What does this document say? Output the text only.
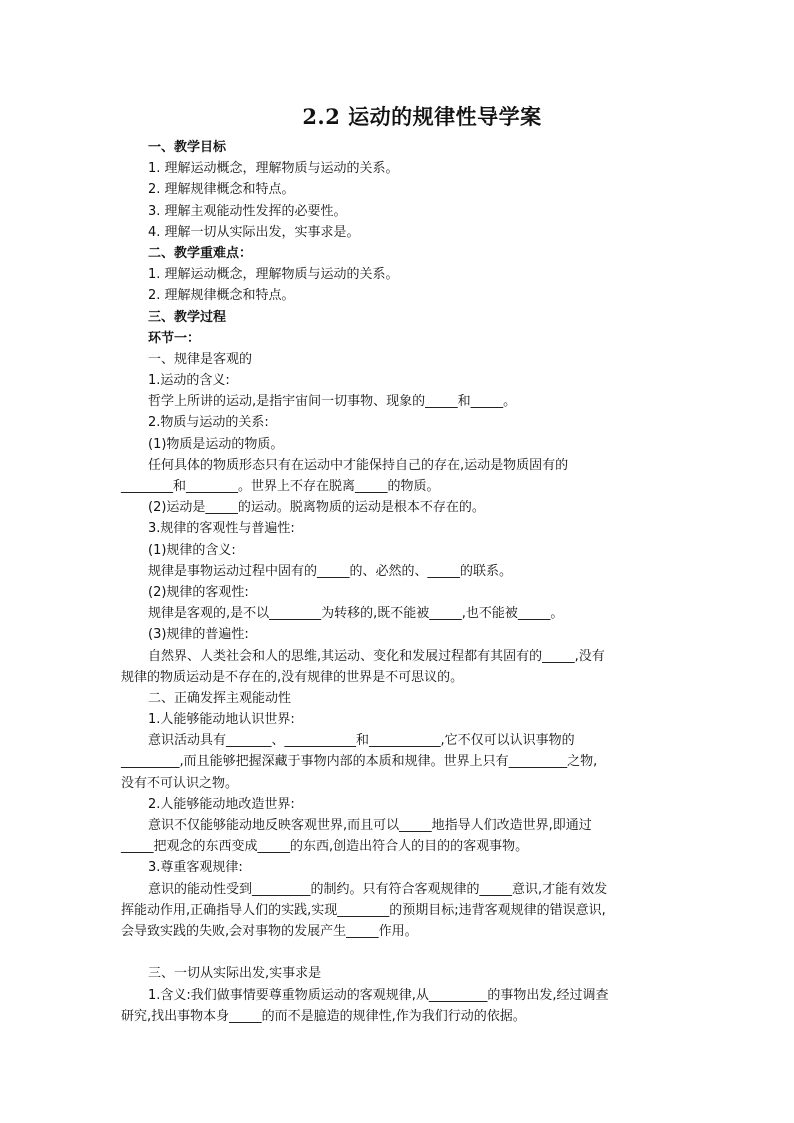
2.2 运动的规律性导学案
一、教学目标
1. 理解运动概念，理解物质与运动的关系。
2. 理解规律概念和特点。
3. 理解主观能动性发挥的必要性。
4. 理解一切从实际出发，实事求是。
二、教学重难点：
1. 理解运动概念，理解物质与运动的关系。
2. 理解规律概念和特点。
三、教学过程
环节一：
一、规律是客观的
1.运动的含义:
哲学上所讲的运动,是指宇宙间一切事物、现象的_____和_____。
2.物质与运动的关系:
(1)物质是运动的物质。
任何具体的物质形态只有在运动中才能保持自己的存在,运动是物质固有的
________和________。世界上不存在脱离_____的物质。
(2)运动是_____的运动。脱离物质的运动是根本不存在的。
3.规律的客观性与普遍性:
(1)规律的含义:
规律是事物运动过程中固有的_____的、必然的、_____的联系。
(2)规律的客观性:
规律是客观的,是不以________为转移的,既不能被_____,也不能被_____。
(3)规律的普遍性:
自然界、人类社会和人的思维,其运动、变化和发展过程都有其固有的_____,没有
规律的物质运动是不存在的,没有规律的世界是不可思议的。
二、正确发挥主观能动性
1.人能够能动地认识世界:
意识活动具有_______、___________和___________,它不仅可以认识事物的
_________,而且能够把握深藏于事物内部的本质和规律。世界上只有_________之物,
没有不可认识之物。
2.人能够能动地改造世界:
意识不仅能够能动地反映客观世界,而且可以_____地指导人们改造世界,即通过
_____把观念的东西变成_____的东西,创造出符合人的目的的客观事物。
3.尊重客观规律:
意识的能动性受到_________的制约。只有符合客观规律的_____意识,才能有效发
挥能动作用,正确指导人们的实践,实现________的预期目标;违背客观规律的错误意识,
会导致实践的失败,会对事物的发展产生_____作用。
三、一切从实际出发,实事求是
1.含义:我们做事情要尊重物质运动的客观规律,从_________的事物出发,经过调查
研究,找出事物本身_____的而不是臆造的规律性,作为我们行动的依据。
